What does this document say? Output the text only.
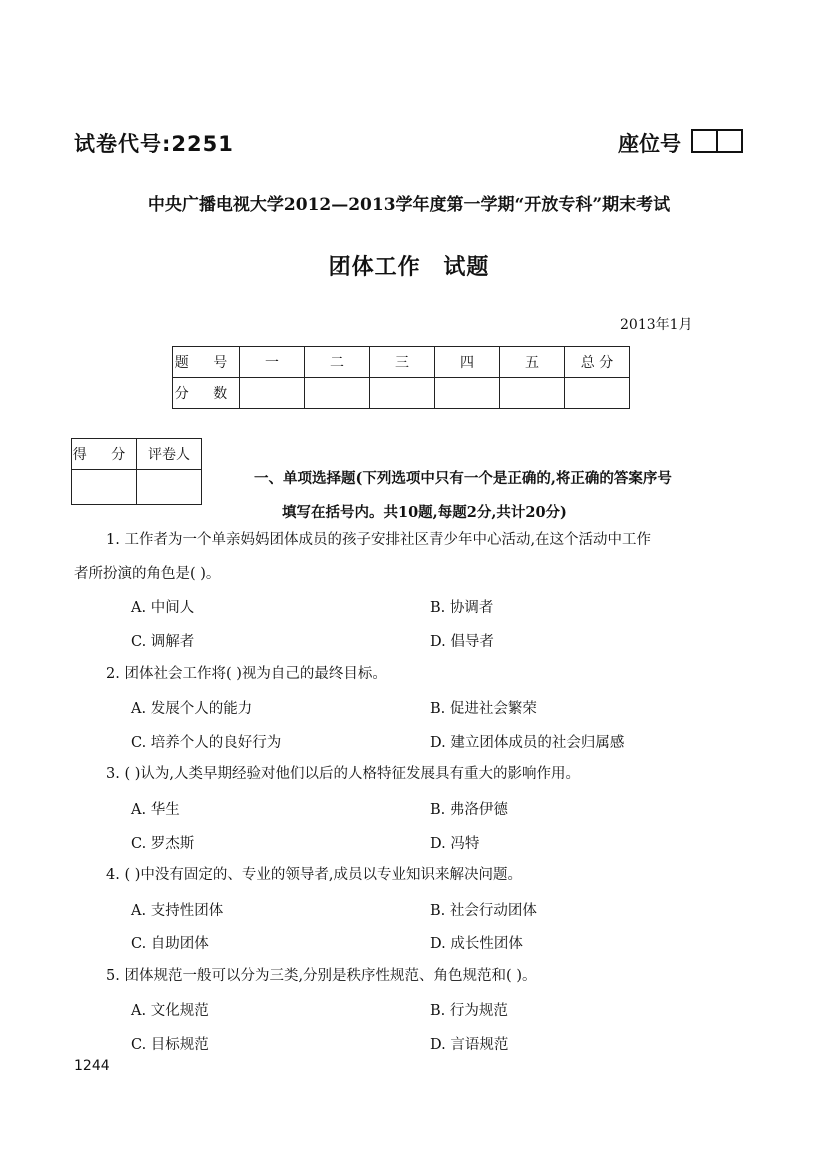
试卷代号:2251	座位号
中央广播电视大学2012—2013学年度第一学期“开放专科”期末考试
团体工作 试题
2013年1月
题 号	一	二	三	四	五	总 分
分 数						
得 分	评卷人

一、单项选择题(下列选项中只有一个是正确的,将正确的答案序号
填写在括号内。共10题,每题2分,共计20分)
1. 工作者为一个单亲妈妈团体成员的孩子安排社区青少年中心活动,在这个活动中工作
者所扮演的角色是( )。
A. 中间人	B. 协调者
C. 调解者	D. 倡导者
2. 团体社会工作将( )视为自己的最终目标。
A. 发展个人的能力	B. 促进社会繁荣
C. 培养个人的良好行为	D. 建立团体成员的社会归属感
3. ( )认为,人类早期经验对他们以后的人格特征发展具有重大的影响作用。
A. 华生	B. 弗洛伊德
C. 罗杰斯	D. 冯特
4. ( )中没有固定的、专业的领导者,成员以专业知识来解决问题。
A. 支持性团体	B. 社会行动团体
C. 自助团体	D. 成长性团体
5. 团体规范一般可以分为三类,分别是秩序性规范、角色规范和( )。
A. 文化规范	B. 行为规范
C. 目标规范	D. 言语规范
1244
